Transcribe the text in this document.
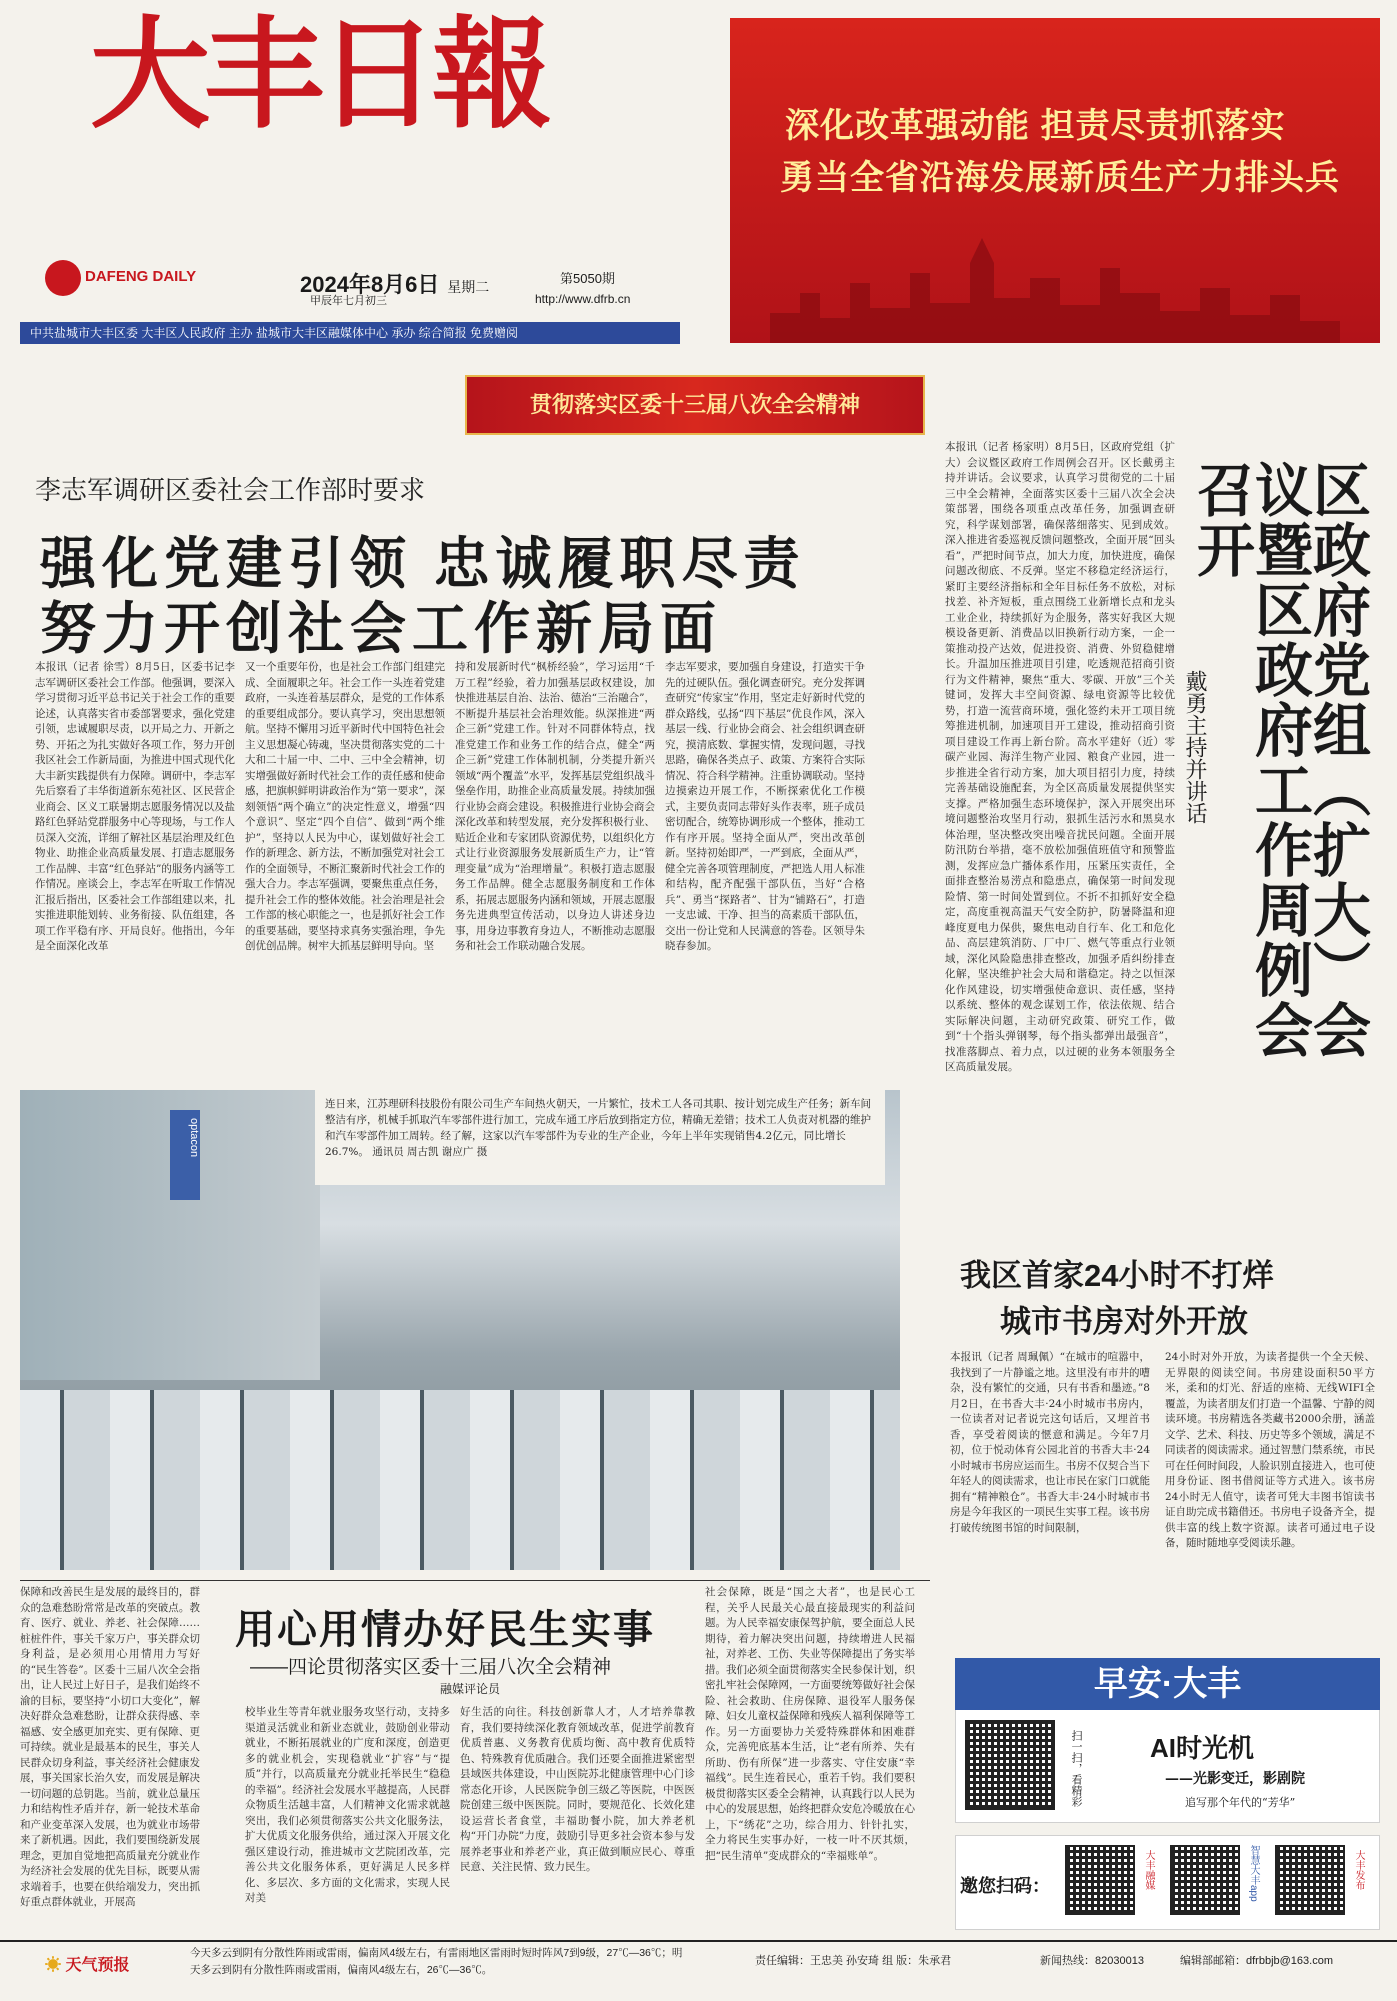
大丰日報
DAFENG DAILY	2024年8月6日 星期二
甲辰年七月初三
第5050期
http://www.dfrb.cn
中共盐城市大丰区委 大丰区人民政府 主办 盐城市大丰区融媒体中心 承办 综合简报 免费赠阅
深化改革强动能 担责尽责抓落实
勇当全省沿海发展新质生产力排头兵
贯彻落实区委十三届八次全会精神
李志军调研区委社会工作部时要求
强化党建引领 忠诚履职尽责
努力开创社会工作新局面
本报讯（记者 徐雪）8月5日，区委书记李志军调研区委社会工作部。他强调，要深入学习贯彻习近平总书记关于社会工作的重要论述，认真落实省市委部署要求，强化党建引领，忠诚履职尽责，以开局之力、开新之势、开拓之为扎实做好各项工作，努力开创我区社会工作新局面，为推进中国式现代化大丰新实践提供有力保障。调研中，李志军先后察看了丰华街道新东苑社区、区民营企业商会、区义工联暑期志愿服务情况以及盐路红色驿站党群服务中心等现场，与工作人员深入交流，详细了解社区基层治理及红色物业、助推企业高质量发展、打造志愿服务工作品牌、丰富“红色驿站”的服务内涵等工作情况。座谈会上，李志军在听取工作情况汇报后指出，区委社会工作部组建以来，扎实推进职能划转、业务衔接、队伍组建，各项工作平稳有序、开局良好。他指出，今年是全面深化改革
又一个重要年份，也是社会工作部门组建完成、全面履职之年。社会工作一头连着党建政府，一头连着基层群众，是党的工作体系的重要组成部分。要认真学习，突出思想领航。坚持不懈用习近平新时代中国特色社会主义思想凝心铸魂，坚决贯彻落实党的二十大和二十届一中、二中、三中全会精神，切实增强做好新时代社会工作的责任感和使命感，把旗帜鲜明讲政治作为“第一要求”，深刻领悟“两个确立”的决定性意义，增强“四个意识”、坚定“四个自信”、做到“两个维护”，坚持以人民为中心，谋划做好社会工作的新理念、新方法，不断加强党对社会工作的全面领导，不断汇聚新时代社会工作的强大合力。李志军强调，要聚焦重点任务，提升社会工作的整体效能。社会治理是社会工作部的核心职能之一，也是抓好社会工作的重要基础，要坚持求真务实强治理，争先创优创品牌。树牢大抓基层鲜明导向。坚
持和发展新时代“枫桥经验”，学习运用“千万工程”经验，着力加强基层政权建设，加快推进基层自治、法治、德治“三治融合”，不断提升基层社会治理效能。纵深推进“两企三新”党建工作。针对不同群体特点，找准党建工作和业务工作的结合点，健全“两企三新”党建工作体制机制，分类提升新兴领域“两个覆盖”水平，发挥基层党组织战斗堡垒作用，助推企业高质量发展。持续加强行业协会商会建设。积极推进行业协会商会深化改革和转型发展，充分发挥积极行业、贴近企业和专家团队资源优势，以组织化方式让行业资源服务发展新质生产力，让“管理变量”成为“治理增量”。积极打造志愿服务工作品牌。健全志愿服务制度和工作体系，拓展志愿服务内涵和领域，开展志愿服务先进典型宣传活动，以身边人讲述身边事，用身边事教育身边人，不断推动志愿服务和社会工作联动融合发展。
李志军要求，要加强自身建设，打造实干争先的过硬队伍。强化调查研究。充分发挥调查研究“传家宝”作用，坚定走好新时代党的群众路线，弘扬“四下基层”优良作风，深入基层一线、行业协会商会、社会组织调查研究，摸清底数、掌握实情，发现问题，寻找思路，确保各类点子、政策、方案符合实际情况、符合科学精神。注重协调联动。坚持边摸索边开展工作，不断探索优化工作模式，主要负责同志带好头作表率，班子成员密切配合，统筹协调形成一个整体，推动工作有序开展。坚持全面从严，突出改革创新。坚持初始即严，一严到底，全面从严，健全完善各项管理制度，严把选人用人标准和结构，配齐配强干部队伍，当好“合格兵”、勇当“探路者”、甘为“铺路石”，打造一支忠诚、干净、担当的高素质干部队伍，交出一份让党和人民满意的答卷。区领导朱晓春参加。
本报讯（记者 杨家明）8月5日，区政府党组（扩大）会议暨区政府工作周例会召开。区长戴勇主持并讲话。会议要求，认真学习贯彻党的二十届三中全会精神，全面落实区委十三届八次全会决策部署，围绕各项重点改革任务，加强调查研究，科学谋划部署，确保落细落实、见到成效。深入推进省委巡视反馈问题整改，全面开展“回头看”，严把时间节点，加大力度，加快进度，确保问题改彻底、不反弹。坚定不移稳定经济运行，紧盯主要经济指标和全年目标任务不放松，对标找差、补齐短板，重点围绕工业新增长点和龙头工业企业，持续抓好为企服务，落实好我区大规模设备更新、消费品以旧换新行动方案，一企一策推动投产达效，促进投资、消费、外贸稳健增长。升温加压推进项目引建，吃透规范招商引资行为文件精神，聚焦“重大、零碳、开放”三个关键词，发挥大丰空间资源、绿电资源等比较优势，打造一流营商环境，强化签约未开工项目统筹推进机制，加速项目开工建设，推动招商引资项目建设工作再上新台阶。高水平建好（近）零碳产业园、海洋生物产业园、粮食产业园，进一步推进全省行动方案，加大项目招引力度，持续完善基础设施配套，为全区高质量发展提供坚实支撑。严格加强生态环境保护，深入开展突出环境问题整治攻坚月行动，狠抓生活污水和黑臭水体治理，坚决整改突出噪音扰民问题。全面开展防汛防台举措，毫不放松加强值班值守和预警监测，发挥应急广播体系作用，压紧压实责任，全面排查整治易涝点和隐患点，确保第一时间发现险情、第一时间处置到位。不折不扣抓好安全稳定，高度重视高温天气安全防护，防暑降温和迎峰度夏电力保供，聚焦电动自行车、化工和危化品、高层建筑消防、厂中厂、燃气等重点行业领域，深化风险隐患排查整改，加强矛盾纠纷排查化解，坚决维护社会大局和谐稳定。持之以恒深化作风建设，切实增强使命意识、责任感，坚持以系统、整体的观念谋划工作，依法依规、结合实际解决问题，主动研究政策、研究工作，做到“十个指头弹钢琴，每个指头都弹出最强音”，找准落脚点、着力点，以过硬的业务本领服务全区高质量发展。
区政府党组（扩大）会议暨区政府工作周例会召开
戴勇主持并讲话
optacon
连日来，江苏理研科技股份有限公司生产车间热火朝天，一片繁忙，技术工人各司其职、按计划完成生产任务；新车间整洁有序，机械手抓取汽车零部件进行加工，完成车通工序后放到指定方位，精确无差错；技术工人负责对机器的维护和汽车零部件加工周转。经了解，这家以汽车零部件为专业的生产企业，今年上半年实现销售4.2亿元，同比增长26.7%。 通讯员 周古凯 谢应广 摄
我区首家24小时不打烊
城市书房对外开放
本报讯（记者 周珮佩）“在城市的喧嚣中，我找到了一片静谧之地。这里没有市井的嘈杂，没有繁忙的交通，只有书香和墨迹。”8月2日，在书香大丰·24小时城市书房内，一位读者对记者说完这句话后，又埋首书香，享受着阅读的惬意和满足。今年7月初，位于悦动体育公园北首的书香大丰·24小时城市书房应运而生。书房不仅契合当下年轻人的阅读需求，也让市民在家门口就能拥有“精神粮仓”。书香大丰·24小时城市书房是今年我区的一项民生实事工程。该书房打破传统图书馆的时间限制，
24小时对外开放，为读者提供一个全天候、无界限的阅读空间。书房建设面积50平方米，柔和的灯光、舒适的座椅、无线WIFI全覆盖，为读者朋友们打造一个温馨、宁静的阅读环境。书房精选各类藏书2000余册，涵盖文学、艺术、科技、历史等多个领域，满足不同读者的阅读需求。通过智慧门禁系统，市民可在任何时间段，人脸识别直接进入，也可使用身份证、图书借阅证等方式进入。该书房24小时无人值守，读者可凭大丰图书馆读书证自助完成书籍借还。书房电子设备齐全，提供丰富的线上数字资源。读者可通过电子设备，随时随地享受阅读乐趣。
用心用情办好民生实事
——四论贯彻落实区委十三届八次全会精神
融媒评论员
保障和改善民生是发展的最终目的，群众的急难愁盼常常是改革的突破点。教育、医疗、就业、养老、社会保障……桩桩件件，事关千家万户，事关群众切身利益，是必须用心用情用力写好的“民生答卷”。区委十三届八次全会指出，让人民过上好日子，是我们始终不渝的目标，要坚持“小切口大变化”，解决好群众急难愁盼，让群众获得感、幸福感、安全感更加充实、更有保障、更可持续。就业是最基本的民生，事关人民群众切身利益，事关经济社会健康发展，事关国家长治久安，而发展是解决一切问题的总钥匙。当前，就业总量压力和结构性矛盾并存，新一轮技术革命和产业变革深入发展，也为就业市场带来了新机遇。因此，我们要围绕新发展理念，更加自觉地把高质量充分就业作为经济社会发展的优先目标，既要从需求端着手，也要在供给端发力，突出抓好重点群体就业，开展高
校毕业生等青年就业服务攻坚行动，支持多渠道灵活就业和新业态就业，鼓励创业带动就业，不断拓展就业的广度和深度，创造更多的就业机会，实现稳就业“扩容”与“提质”并行，以高质量充分就业托举民生“稳稳的幸福”。经济社会发展水平越提高，人民群众物质生活越丰富，人们精神文化需求就越突出，我们必须贯彻落实公共文化服务法，扩大优质文化服务供给，通过深入开展文化强区建设行动，推进城市文艺院团改革，完善公共文化服务体系，更好满足人民多样化、多层次、多方面的文化需求，实现人民对美
好生活的向往。科技创新靠人才，人才培养靠教育，我们要持续深化教育领域改革，促进学前教育优质普惠、义务教育优质均衡、高中教育优质特色、特殊教育优质融合。我们还要全面推进紧密型县域医共体建设，中山医院苏北健康管理中心门诊常态化开诊，人民医院争创三级乙等医院，中医医院创建三级中医医院。同时，要规范化、长效化建设运营长者食堂，丰福助餐小院，加大养老机构“开门办院”力度，鼓励引导更多社会资本参与发展养老事业和养老产业，真正做到顺应民心、尊重民意、关注民情、致力民生。
社会保障，既是“国之大者”，也是民心工程，关乎人民最关心最直接最现实的利益问题。为人民幸福安康保驾护航，要全面总人民期待，着力解决突出问题，持续增进人民福祉，对养老、工伤、失业等保障提出了务实举措。我们必须全面贯彻落实全民参保计划，织密扎牢社会保障网，一方面要统筹做好社会保险、社会救助、住房保障、退役军人服务保障、妇女儿童权益保障和残疾人福利保障等工作。另一方面要协力关爱特殊群体和困难群众，完善兜底基本生活，让“老有所养、失有所助、伤有所保”进一步落实、守住安康“幸福线”。民生连着民心，重若千钧。我们要积极贯彻落实区委全会精神，认真践行以人民为中心的发展思想，始终把群众安危冷暖放在心上，下“绣花”之功，综合用力、针针扎实，全力将民生实事办好，一枝一叶不厌其烦，把“民生清单”变成群众的“幸福账单”。
早安·大丰
扫一扫，看精彩	AI时光机
——光影变迁，影剧院
追写那个年代的“芳华”
邀您扫码：	大丰融媒	智慧大丰app	大丰发布
☀ 天气预报
今天多云到阴有分散性阵雨或雷雨，偏南风4级左右，有雷雨地区雷雨时短时阵风7到9级，27℃—36℃；明
天多云到阴有分散性阵雨或雷雨，偏南风4级左右，26℃—36℃。
责任编辑：王忠美 孙安琦 组 版：朱承君	新闻热线：82030013	编辑部邮箱：dfrbbjb@163.com
